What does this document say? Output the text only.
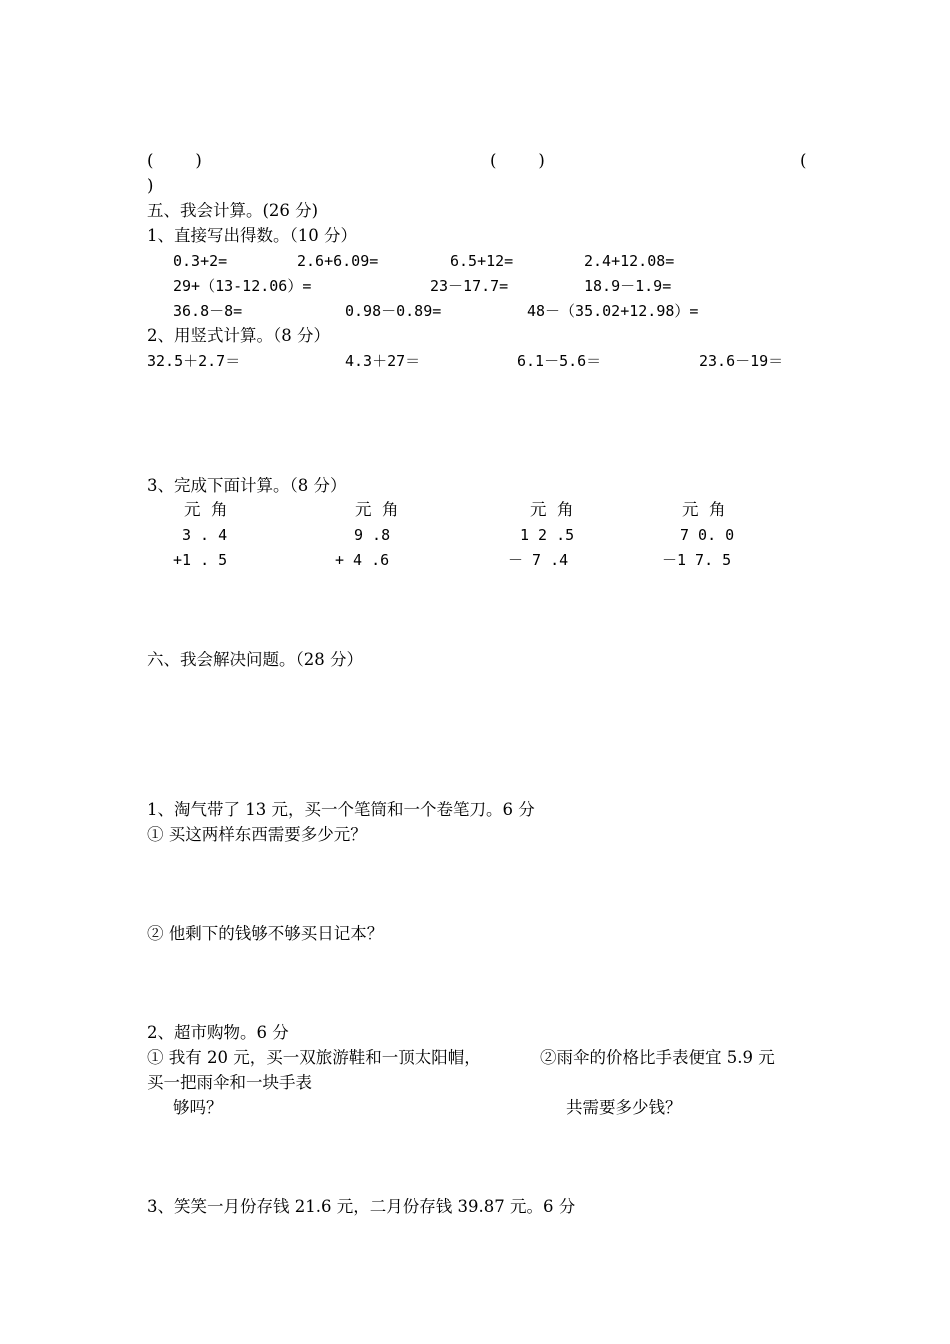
(        )	(        )	(
)
五、我会计算。(26 分)
1、直接写出得数。（10 分）
0.3+2=	2.6+6.09=	6.5+12=	2.4+12.08=
29+（13-12.06）=	23－17.7=	18.9－1.9=
36.8－8=	0.98－0.89=	48－（35.02+12.98）=
2、用竖式计算。（8 分）
32.5＋2.7＝	4.3＋27＝	6.1－5.6＝	23.6－19＝
3、完成下面计算。（8 分）
元  角	元  角	元  角	元  角
3 . 4	9 .8	1 2 .5	7 0. 0
+1 . 5	+ 4 .6	－ 7 .4	－1 7. 5
六、我会解决问题。（28 分）
1、淘气带了 13 元，买一个笔筒和一个卷笔刀。6 分
① 买这两样东西需要多少元？
② 他剩下的钱够不够买日记本？
2、超市购物。6 分
① 我有 20 元，买一双旅游鞋和一顶太阳帽，	②雨伞的价格比手表便宜 5.9 元
买一把雨伞和一块手表
够吗？	共需要多少钱？
3、笑笑一月份存钱 21.6 元，二月份存钱 39.87 元。6 分
